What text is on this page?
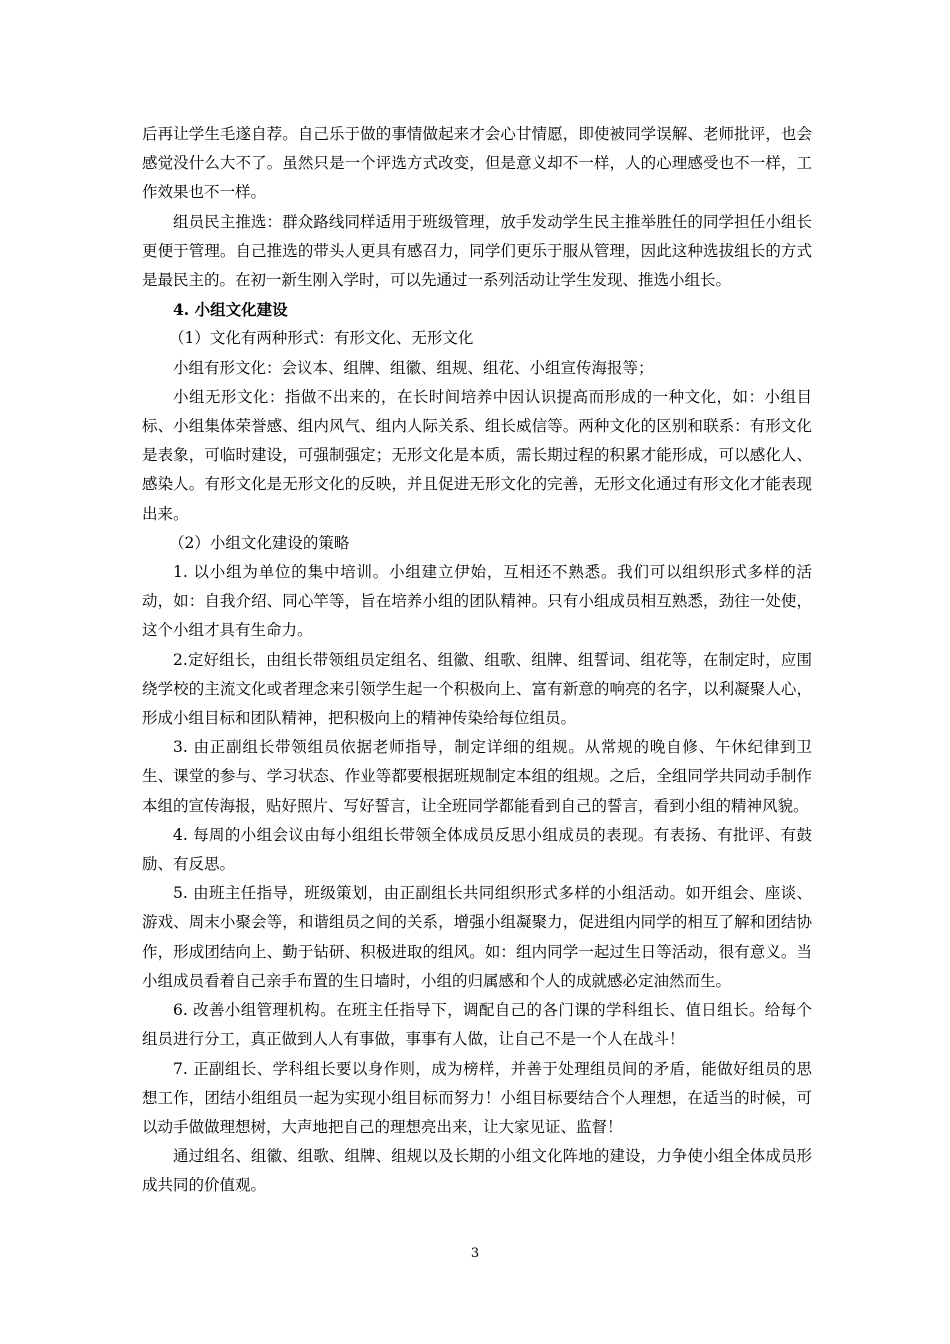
后再让学生毛遂自荐。自己乐于做的事情做起来才会心甘情愿，即使被同学误解、老师批评，也会感觉没什么大不了。虽然只是一个评选方式改变，但是意义却不一样，人的心理感受也不一样，工作效果也不一样。

组员民主推选：群众路线同样适用于班级管理，放手发动学生民主推举胜任的同学担任小组长更便于管理。自己推选的带头人更具有感召力，同学们更乐于服从管理，因此这种选拔组长的方式是最民主的。在初一新生刚入学时，可以先通过一系列活动让学生发现、推选小组长。

4. 小组文化建设

（1）文化有两种形式：有形文化、无形文化

小组有形文化：会议本、组牌、组徽、组规、组花、小组宣传海报等；

小组无形文化：指做不出来的，在长时间培养中因认识提高而形成的一种文化，如：小组目标、小组集体荣誉感、组内风气、组内人际关系、组长威信等。两种文化的区别和联系：有形文化是表象，可临时建设，可强制强定；无形文化是本质，需长期过程的积累才能形成，可以感化人、感染人。有形文化是无形文化的反映，并且促进无形文化的完善，无形文化通过有形文化才能表现出来。

（2）小组文化建设的策略

1. 以小组为单位的集中培训。小组建立伊始，互相还不熟悉。我们可以组织形式多样的活动，如：自我介绍、同心竿等，旨在培养小组的团队精神。只有小组成员相互熟悉，劲往一处使，这个小组才具有生命力。

2.定好组长，由组长带领组员定组名、组徽、组歌、组牌、组誓词、组花等，在制定时，应围绕学校的主流文化或者理念来引领学生起一个积极向上、富有新意的响亮的名字，以利凝聚人心，形成小组目标和团队精神，把积极向上的精神传染给每位组员。

3. 由正副组长带领组员依据老师指导，制定详细的组规。从常规的晚自修、午休纪律到卫生、课堂的参与、学习状态、作业等都要根据班规制定本组的组规。之后，全组同学共同动手制作本组的宣传海报，贴好照片、写好誓言，让全班同学都能看到自己的誓言，看到小组的精神风貌。

4. 每周的小组会议由每小组组长带领全体成员反思小组成员的表现。有表扬、有批评、有鼓励、有反思。

5. 由班主任指导，班级策划，由正副组长共同组织形式多样的小组活动。如开组会、座谈、游戏、周末小聚会等，和谐组员之间的关系，增强小组凝聚力，促进组内同学的相互了解和团结协作，形成团结向上、勤于钻研、积极进取的组风。如：组内同学一起过生日等活动，很有意义。当小组成员看着自己亲手布置的生日墙时，小组的归属感和个人的成就感必定油然而生。

6. 改善小组管理机构。在班主任指导下，调配自己的各门课的学科组长、值日组长。给每个组员进行分工，真正做到人人有事做，事事有人做，让自己不是一个人在战斗！

7. 正副组长、学科组长要以身作则，成为榜样，并善于处理组员间的矛盾，能做好组员的思想工作，团结小组组员一起为实现小组目标而努力！小组目标要结合个人理想，在适当的时候，可以动手做做理想树，大声地把自己的理想亮出来，让大家见证、监督！

通过组名、组徽、组歌、组牌、组规以及长期的小组文化阵地的建设，力争使小组全体成员形成共同的价值观。

3
